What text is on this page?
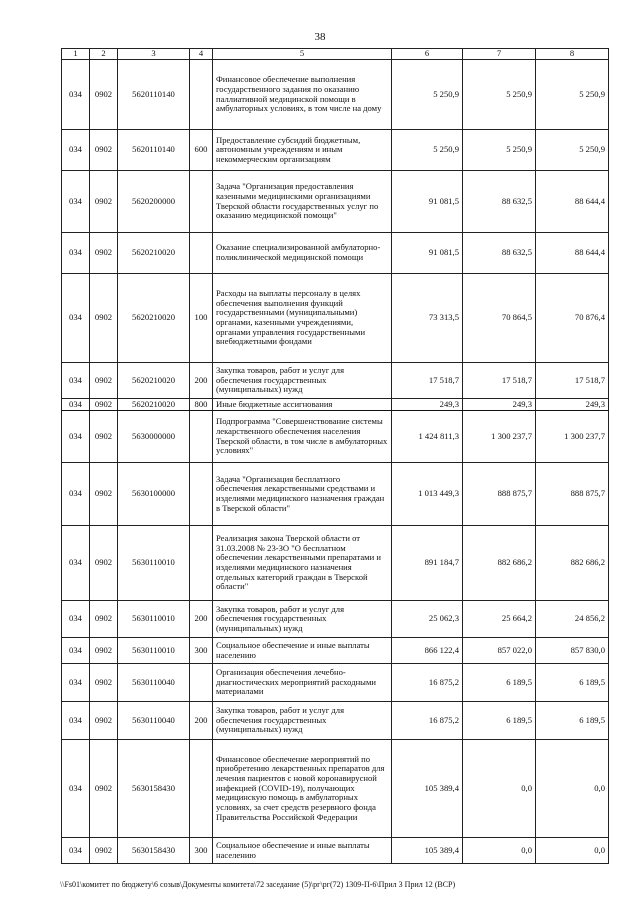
38
1	2	3	4	5	6	7	8
034	0902	5620110140		Финансовое обеспечение выполнения государственного задания по оказанию паллиативной медицинской помощи в амбулаторных условиях, в том числе на дому	5 250,9	5 250,9	5 250,9
034	0902	5620110140	600	Предоставление субсидий бюджетным, автономным учреждениям и иным некоммерческим организациям	5 250,9	5 250,9	5 250,9
034	0902	5620200000		Задача "Организация предоставления казенными медицинскими организациями Тверской области государственных услуг по оказанию медицинской помощи"	91 081,5	88 632,5	88 644,4
034	0902	5620210020		Оказание специализированной амбулаторно-поликлинической медицинской помощи	91 081,5	88 632,5	88 644,4
034	0902	5620210020	100	Расходы на выплаты персоналу в целях обеспечения выполнения функций государственными (муниципальными) органами, казенными учреждениями, органами управления государственными внебюджетными фондами	73 313,5	70 864,5	70 876,4
034	0902	5620210020	200	Закупка товаров, работ и услуг для обеспечения государственных (муниципальных) нужд	17 518,7	17 518,7	17 518,7
034	0902	5620210020	800	Иные бюджетные ассигнования	249,3	249,3	249,3
034	0902	5630000000		Подпрограмма "Совершенствование системы лекарственного обеспечения населения Тверской области, в том числе в амбулаторных условиях"	1 424 811,3	1 300 237,7	1 300 237,7
034	0902	5630100000		Задача "Организация бесплатного обеспечения лекарственными средствами и изделиями медицинского назначения граждан в Тверской области"	1 013 449,3	888 875,7	888 875,7
034	0902	5630110010		Реализация закона Тверской области от 31.03.2008 № 23-ЗО "О бесплатном обеспечении лекарственными препаратами и изделиями медицинского назначения отдельных категорий граждан в Тверской области"	891 184,7	882 686,2	882 686,2
034	0902	5630110010	200	Закупка товаров, работ и услуг для обеспечения государственных (муниципальных) нужд	25 062,3	25 664,2	24 856,2
034	0902	5630110010	300	Социальное обеспечение и иные выплаты населению	866 122,4	857 022,0	857 830,0
034	0902	5630110040		Организация обеспечения лечебно-диагностических мероприятий расходными материалами	16 875,2	6 189,5	6 189,5
034	0902	5630110040	200	Закупка товаров, работ и услуг для обеспечения государственных (муниципальных) нужд	16 875,2	6 189,5	6 189,5
034	0902	5630158430		Финансовое обеспечение мероприятий по приобретению лекарственных препаратов для лечения пациентов с новой коронавирусной инфекцией (COVID-19), получающих медицинскую помощь в амбулаторных условиях, за счет средств резервного фонда Правительства Российской Федерации	105 389,4	0,0	0,0
034	0902	5630158430	300	Социальное обеспечение и иные выплаты населению	105 389,4	0,0	0,0
\\Fs01\комитет по бюджету\6 созыв\Документы комитета\72 заседание (5)\рг\рг(72) 1309-П-6\Прил 3 Прил 12 (ВСР)
